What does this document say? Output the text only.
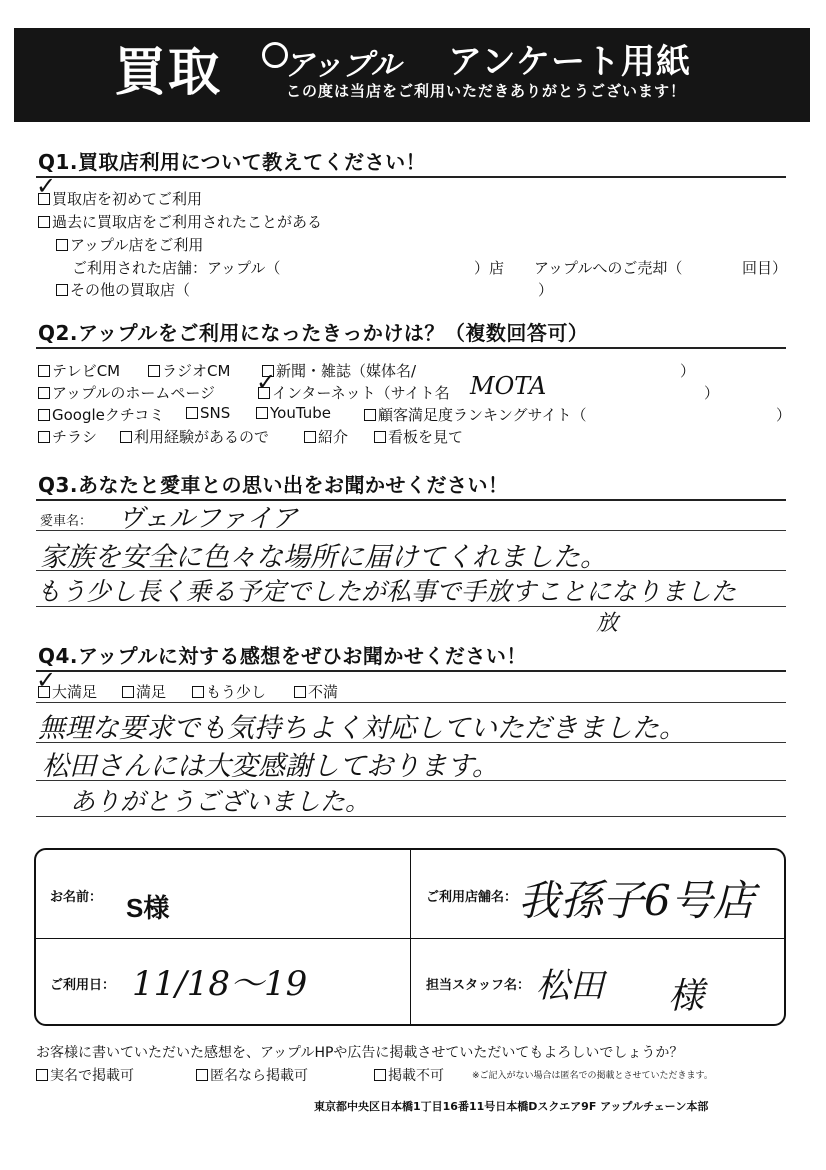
買取 アップル アンケート用紙
この度は当店をご利用いただきありがとうございます！
Q1.買取店利用について教えてください！
買取店を初めてご利用
✓
過去に買取店をご利用されたことがある
アップル店をご利用
ご利用された店舗：アップル（	）店 アップルへのご売却（	回目）
その他の買取店（	）
Q2.アップルをご利用になったきっかけは？（複数回答可）
テレビCM	ラジオCM	新聞・雑誌（媒体名/	）
アップルのホームページ	インターネット（サイト名
✓	MOTA	）
Googleクチコミ	SNS	YouTube	顧客満足度ランキングサイト（	）
チラシ	利用経験があるので	紹介	看板を見て
Q3.あなたと愛車との思い出をお聞かせください！
愛車名： ヴェルファイア
家族を安全に色々な場所に届けてくれました。
もう少し長く乗る予定でしたが私事で手放すことになりました
放
Q4.アップルに対する感想をぜひお聞かせください！
大満足
✓	満足	もう少し	不満
無理な要求でも気持ちよく対応していただきました。
松田さんには大変感謝しております。
ありがとうございました。
お名前： S様	ご利用店舗名： 我孫子6号店
ご利用日： 11/18～19	担当スタッフ名： 松田 様
お客様に書いていただいた感想を、アップルHPや広告に掲載させていただいてもよろしいでしょうか？
実名で掲載可	匿名なら掲載可	掲載不可	※ご記入がない場合は匿名での掲載とさせていただきます。
東京都中央区日本橋1丁目16番11号日本橋Dスクエア9F アップルチェーン本部
